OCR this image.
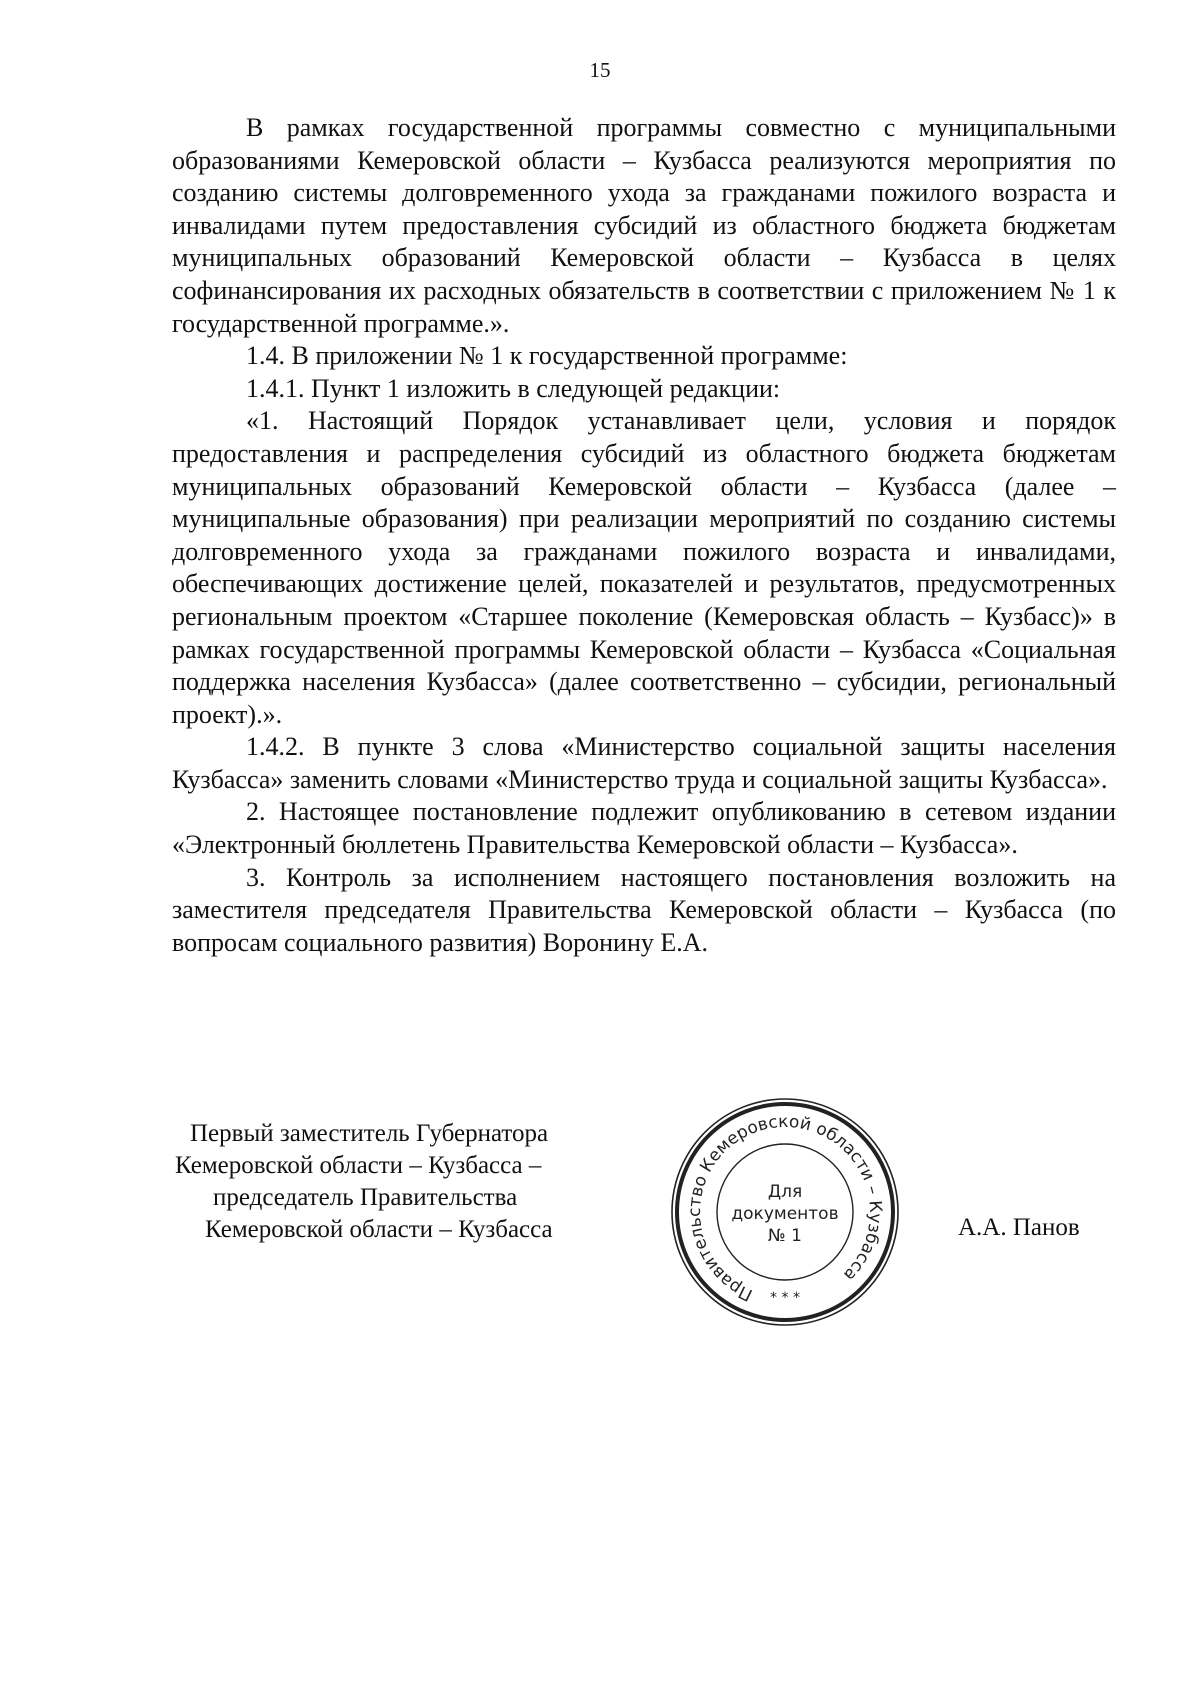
15

В рамках государственной программы совместно с муниципальными образованиями Кемеровской области – Кузбасса реализуются мероприятия по созданию системы долговременного ухода за гражданами пожилого возраста и инвалидами путем предоставления субсидий из областного бюджета бюджетам муниципальных образований Кемеровской области – Кузбасса в целях софинансирования их расходных обязательств в соответствии с приложением № 1 к государственной программе.».

1.4. В приложении № 1 к государственной программе:

1.4.1. Пункт 1 изложить в следующей редакции:

«1. Настоящий Порядок устанавливает цели, условия и порядок предоставления и распределения субсидий из областного бюджета бюджетам муниципальных образований Кемеровской области – Кузбасса (далее – муниципальные образования) при реализации мероприятий по созданию системы долговременного ухода за гражданами пожилого возраста и инвалидами, обеспечивающих достижение целей, показателей и результатов, предусмотренных региональным проектом «Старшее поколение (Кемеровская область – Кузбасс)» в рамках государственной программы Кемеровской области – Кузбасса «Социальная поддержка населения Кузбасса» (далее соответственно – субсидии, региональный проект).».

1.4.2. В пункте 3 слова «Министерство социальной защиты населения Кузбасса» заменить словами «Министерство труда и социальной защиты Кузбасса».

2. Настоящее постановление подлежит опубликованию в сетевом издании «Электронный бюллетень Правительства Кемеровской области – Кузбасса».

3. Контроль за исполнением настоящего постановления возложить на заместителя председателя Правительства Кемеровской области – Кузбасса (по вопросам социального развития) Воронину Е.А.

Первый заместитель Губернатора
Кемеровской области – Кузбасса –
председатель Правительства
Кемеровской области – Кузбасса
Правительство Кемеровской области – Кузбасса
* * *
Для
документов
№ 1	А.А. Панов
